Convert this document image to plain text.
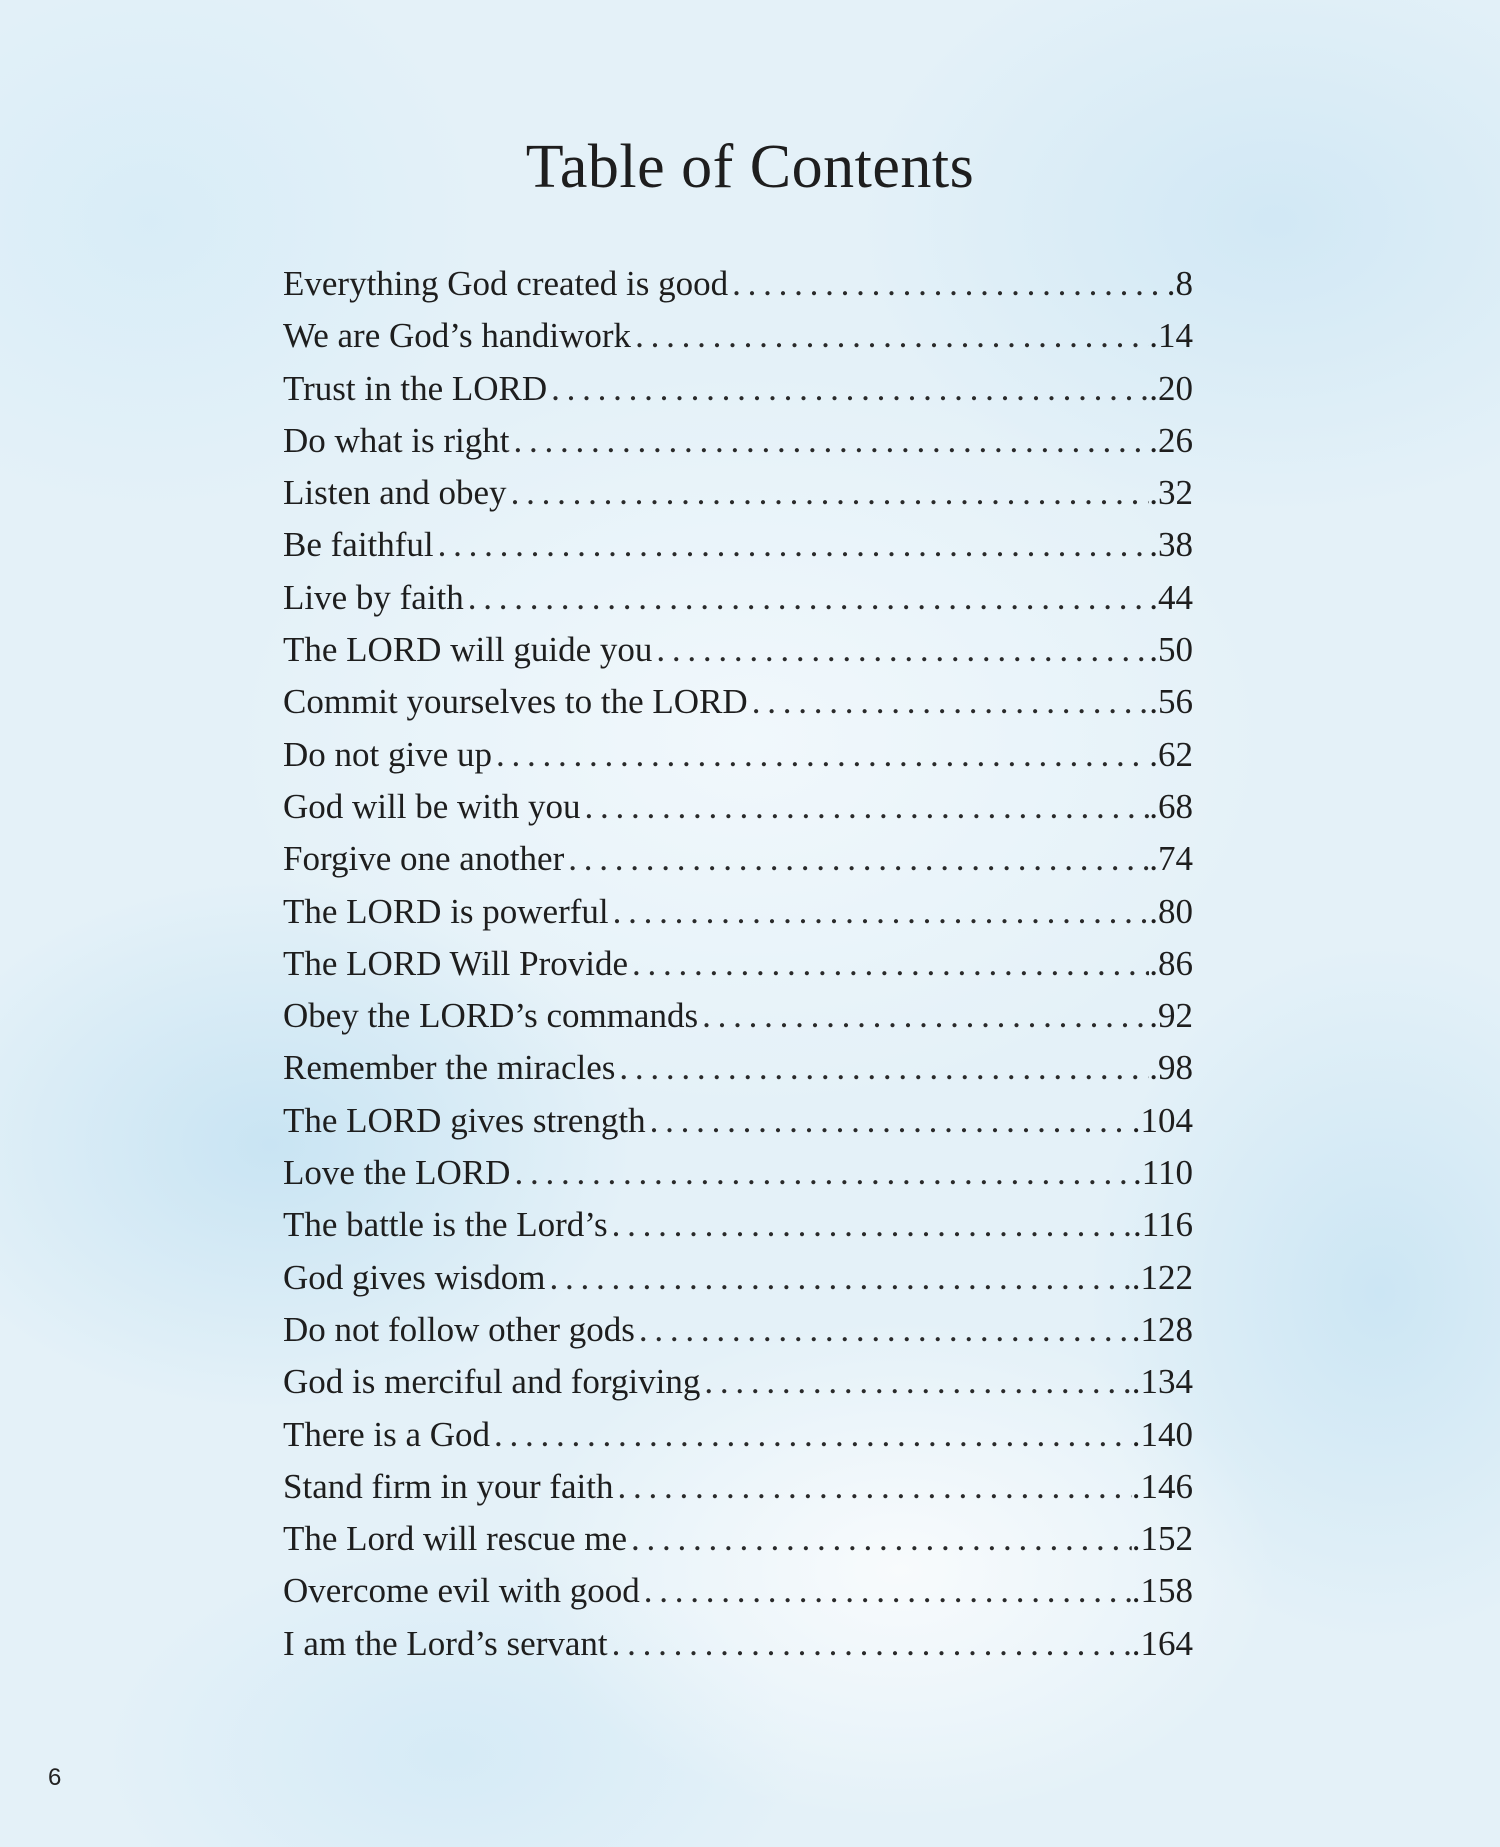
Table of Contents
Everything God created is good . . .	.8
We are God’s handiwork . . .	.14
Trust in the LORD . . .	.20
Do what is right . . .	.26
Listen and obey . . .	.32
Be faithful . . .	.38
Live by faith . . .	.44
The LORD will guide you . . .	.50
Commit yourselves to the LORD . . .	.56
Do not give up . . .	.62
God will be with you . . .	.68
Forgive one another . . .	.74
The LORD is powerful . . .	.80
The LORD Will Provide . . .	.86
Obey the LORD’s commands . . .	.92
Remember the miracles . . .	.98
The LORD gives strength . . .	.104
Love the LORD . . .	.110
The battle is the Lord’s . . .	.116
God gives wisdom . . .	.122
Do not follow other gods . . .	.128
God is merciful and forgiving . . .	.134
There is a God . . .	.140
Stand firm in your faith . . .	.146
The Lord will rescue me . . .	.152
Overcome evil with good . . .	.158
I am the Lord’s servant . . .	.164
6
